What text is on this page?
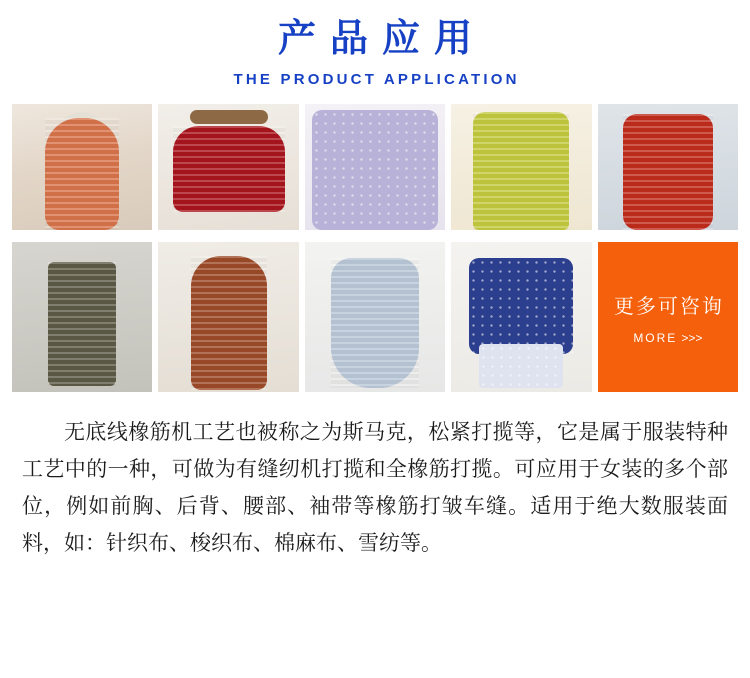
产品应用
THE PRODUCT APPLICATION
更多可咨询
MORE >>>
无底线橡筋机工艺也被称之为斯马克，松紧打揽等，它是属于服装特种工艺中的一种，可做为有缝纫机打揽和全橡筋打揽。可应用于女装的多个部位，例如前胸、后背、腰部、袖带等橡筋打皱车缝。适用于绝大数服装面料，如：针织布、梭织布、棉麻布、雪纺等。
